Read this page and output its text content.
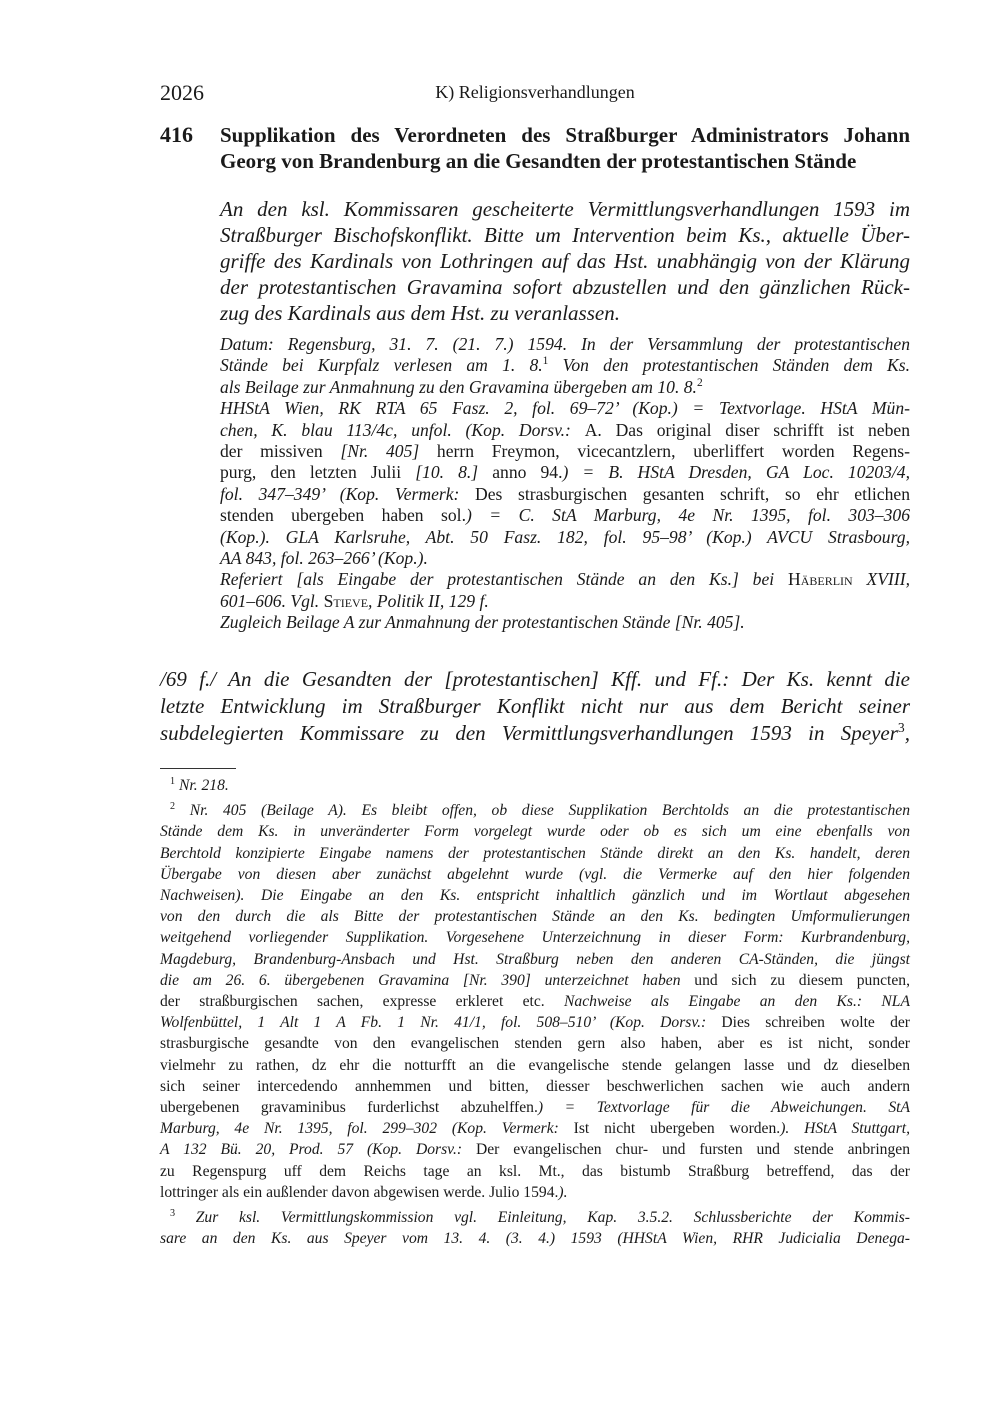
2026	K) Religionsverhandlungen
416 Supplikation des Verordneten des Straßburger Administrators Johann
Georg von Brandenburg an die Gesandten der protestantischen Stände
An den ksl. Kommissaren gescheiterte Vermittlungsverhandlungen 1593 im
Straßburger Bischofskonflikt. Bitte um Intervention beim Ks., aktuelle Über-
griffe des Kardinals von Lothringen auf das Hst. unabhängig von der Klärung
der protestantischen Gravamina sofort abzustellen und den gänzlichen Rück-
zug des Kardinals aus dem Hst. zu veranlassen.
Datum: Regensburg, 31. 7. (21. 7.) 1594. In der Versammlung der protestantischen
Stände bei Kurpfalz verlesen am 1. 8.$^1$ Von den protestantischen Ständen dem Ks.
als Beilage zur Anmahnung zu den Gravamina übergeben am 10. 8.$^2$
HHStA Wien, RK RTA 65 Fasz. 2, fol. 69–72’ (Kop.) = Textvorlage. HStA Mün-
chen, K. blau 113/4c, unfol. (Kop. Dorsv.: A. Das original diser schrifft ist neben
der missiven [Nr. 405] herrn Freymon, vicecantzlern, uberliffert worden Regens-
purg, den letzten Julii [10. 8.] anno 94.) = B. HStA Dresden, GA Loc. 10203/4,
fol. 347–349’ (Kop. Vermerk: Des strasburgischen gesanten schrift, so ehr etlichen
stenden ubergeben haben sol.) = C. StA Marburg, 4e Nr. 1395, fol. 303–306
(Kop.). GLA Karlsruhe, Abt. 50 Fasz. 182, fol. 95–98’ (Kop.) AVCU Strasbourg,
AA 843, fol. 263–266’ (Kop.).
Referiert [als Eingabe der protestantischen Stände an den Ks.] bei Häberlin XVIII,
601–606. Vgl. Stieve, Politik II, 129 f.
Zugleich Beilage A zur Anmahnung der protestantischen Stände [Nr. 405].
/69 f./ An die Gesandten der [protestantischen] Kff. und Ff.: Der Ks. kennt die
letzte Entwicklung im Straßburger Konflikt nicht nur aus dem Bericht seiner
subdelegierten Kommissare zu den Vermittlungsverhandlungen 1593 in Speyer$^3$,
$^1$ Nr. 218.
$^2$ Nr. 405 (Beilage A). Es bleibt offen, ob diese Supplikation Berchtolds an die protestantischen
Stände dem Ks. in unveränderter Form vorgelegt wurde oder ob es sich um eine ebenfalls von
Berchtold konzipierte Eingabe namens der protestantischen Stände direkt an den Ks. handelt, deren
Übergabe von diesen aber zunächst abgelehnt wurde (vgl. die Vermerke auf den hier folgenden
Nachweisen). Die Eingabe an den Ks. entspricht inhaltlich gänzlich und im Wortlaut abgesehen
von den durch die als Bitte der protestantischen Stände an den Ks. bedingten Umformulierungen
weitgehend vorliegender Supplikation. Vorgesehene Unterzeichnung in dieser Form: Kurbrandenburg,
Magdeburg, Brandenburg-Ansbach und Hst. Straßburg neben den anderen CA-Ständen, die jüngst
die am 26. 6. übergebenen Gravamina [Nr. 390] unterzeichnet haben und sich zu diesem puncten,
der straßburgischen sachen, expresse erkleret etc. Nachweise als Eingabe an den Ks.: NLA
Wolfenbüttel, 1 Alt 1 A Fb. 1 Nr. 41/1, fol. 508–510’ (Kop. Dorsv.: Dies schreiben wolte der
strasburgische gesandte von den evangelischen stenden gern also haben, aber es ist nicht, sonder
vielmehr zu rathen, dz ehr die notturfft an die evangelische stende gelangen lasse und dz dieselben
sich seiner intercedendo annhemmen und bitten, diesser beschwerlichen sachen wie auch andern
ubergebenen gravaminibus furderlichst abzuhelffen.) = Textvorlage für die Abweichungen. StA
Marburg, 4e Nr. 1395, fol. 299–302 (Kop. Vermerk: Ist nicht ubergeben worden.). HStA Stuttgart,
A 132 Bü. 20, Prod. 57 (Kop. Dorsv.: Der evangelischen chur- und fursten und stende anbringen
zu Regenspurg uff dem Reichs tage an ksl. Mt., das bistumb Straßburg betreffend, das der
lottringer als ein außlender davon abgewisen werde. Julio 1594.).
$^3$ Zur ksl. Vermittlungskommission vgl. Einleitung, Kap. 3.5.2. Schlussberichte der Kommis-
sare an den Ks. aus Speyer vom 13. 4. (3. 4.) 1593 (HHStA Wien, RHR Judicialia Denega-
